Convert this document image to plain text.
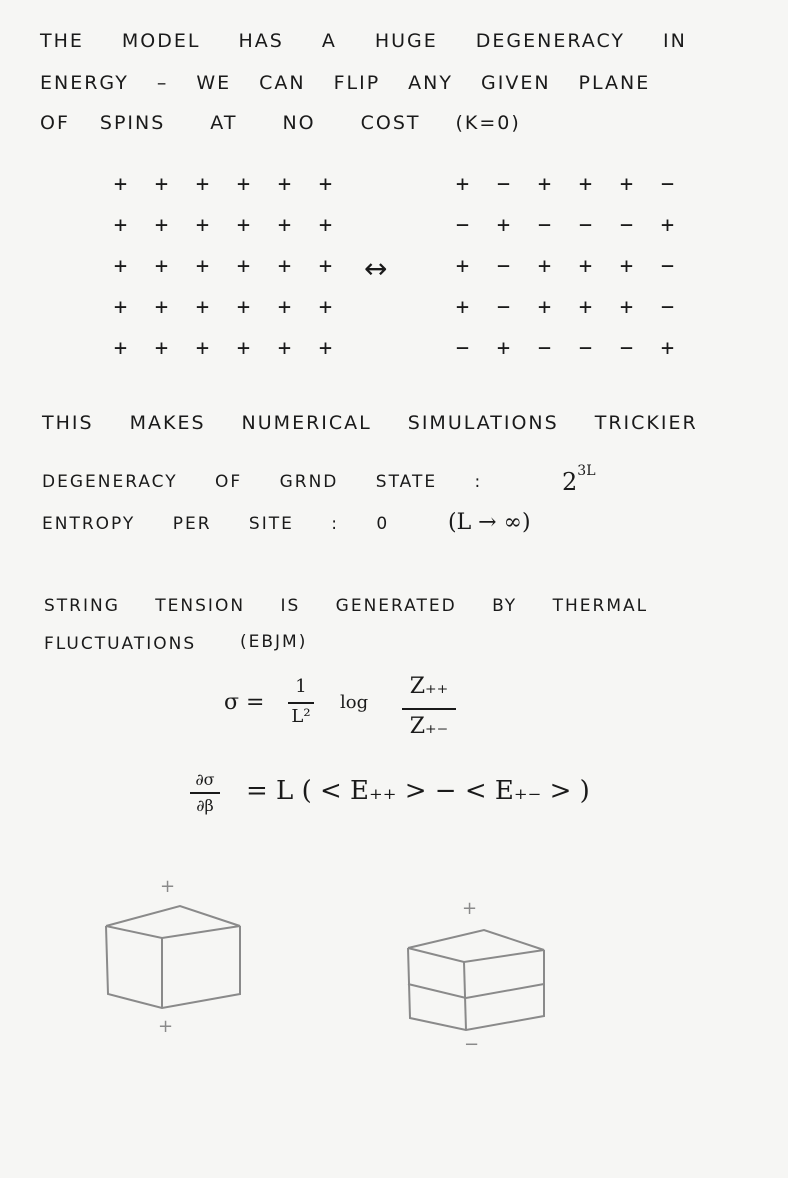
THE MODEL HAS A HUGE DEGENERACY IN
ENERGY – WE CAN FLIP ANY GIVEN PLANE
OF SPINS AT NO COST (K=0)
+ + + + + +
+ + + + + +
+ + + + + +
+ + + + + +
+ + + + + +
↔
+ − + + + −
− + − − − +
+ − + + + −
+ − + + + −
− + − − − +
THIS MAKES NUMERICAL SIMULATIONS TRICKIER
DEGENERACY OF GRND STATE :	$2^{3L}$
ENTROPY PER SITE : 0	(L → ∞)
STRING TENSION IS GENERATED BY THERMAL
FLUCTUATIONS	(EBJM)
σ =
1
L²
log
Z₊₊
Z₊₋
∂σ
∂β = L ( < E₊₊ > − < E₊₋ > )
+
+
+
−
